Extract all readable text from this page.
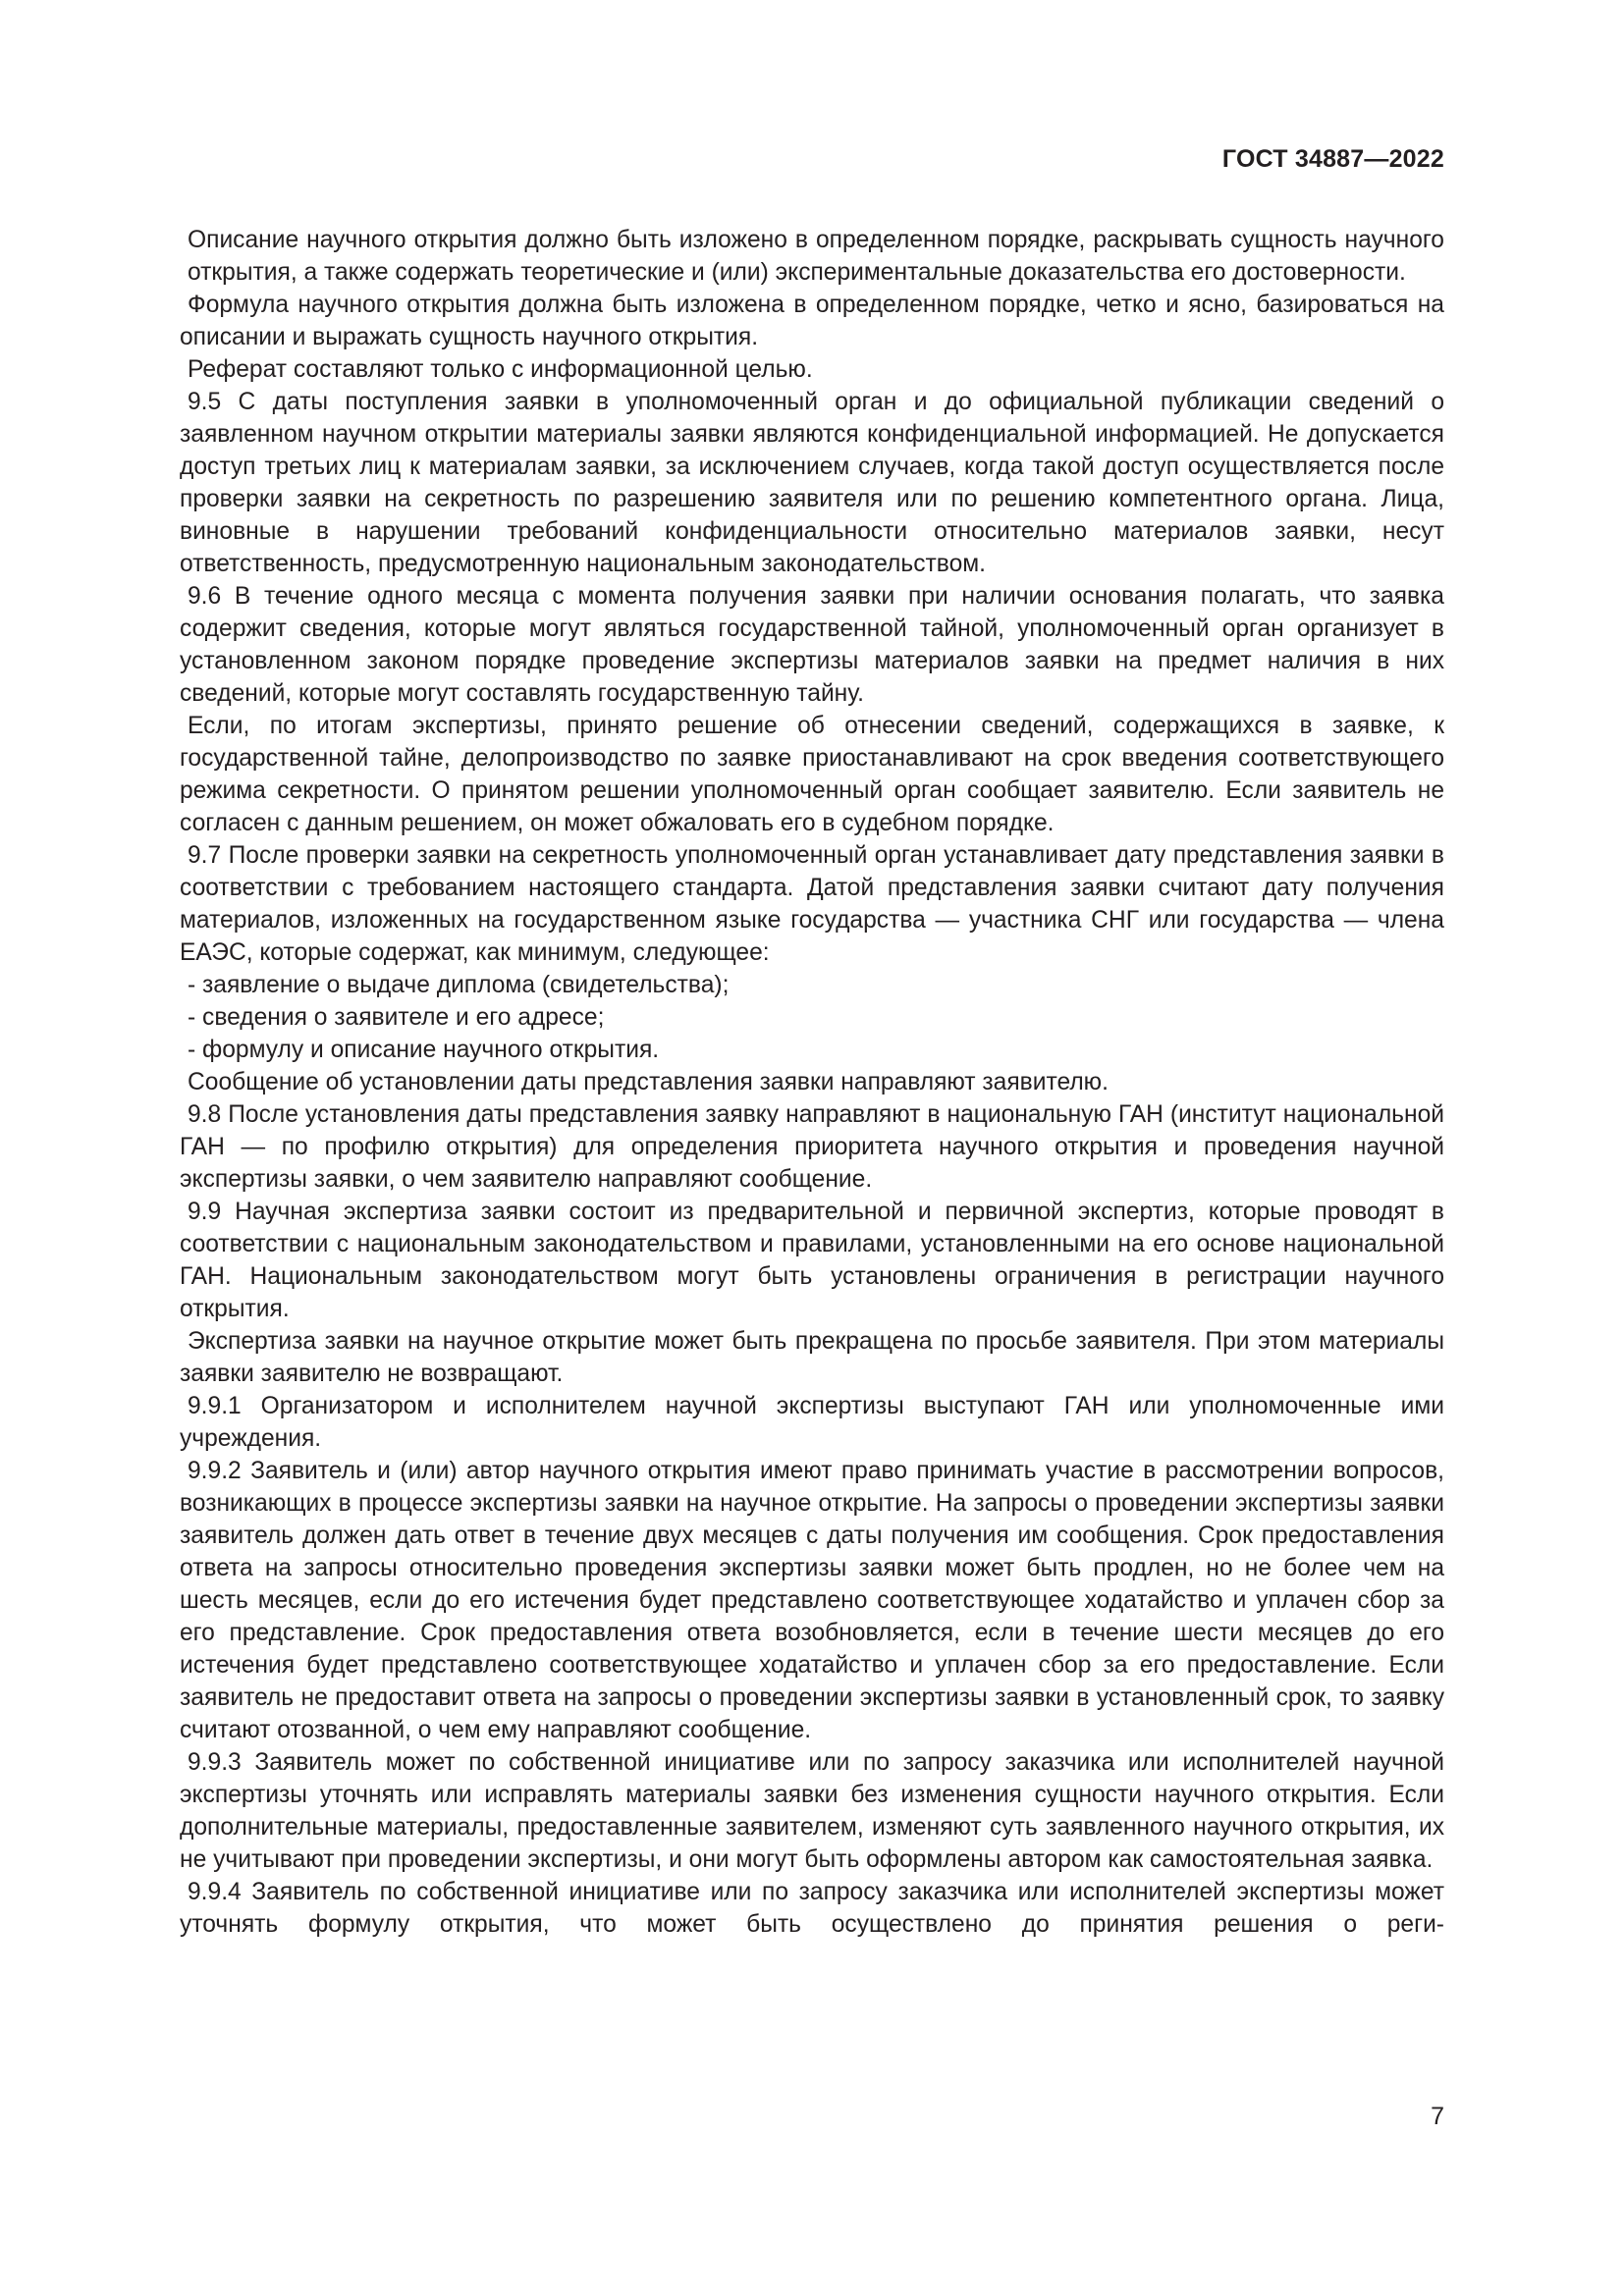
ГОСТ 34887—2022

Описание научного открытия должно быть изложено в определенном порядке, раскрывать сущность научного открытия, а также содержать теоретические и (или) экспериментальные доказательства его достоверности.

Формула научного открытия должна быть изложена в определенном порядке, четко и ясно, базироваться на описании и выражать сущность научного открытия.

Реферат составляют только с информационной целью.

9.5 С даты поступления заявки в уполномоченный орган и до официальной публикации сведений о заявленном научном открытии материалы заявки являются конфиденциальной информацией. Не допускается доступ третьих лиц к материалам заявки, за исключением случаев, когда такой доступ осуществляется после проверки заявки на секретность по разрешению заявителя или по решению компетентного органа. Лица, виновные в нарушении требований конфиденциальности относительно материалов заявки, несут ответственность, предусмотренную национальным законодательством.

9.6 В течение одного месяца с момента получения заявки при наличии основания полагать, что заявка содержит сведения, которые могут являться государственной тайной, уполномоченный орган организует в установленном законом порядке проведение экспертизы материалов заявки на предмет наличия в них сведений, которые могут составлять государственную тайну.

Если, по итогам экспертизы, принято решение об отнесении сведений, содержащихся в заявке, к государственной тайне, делопроизводство по заявке приостанавливают на срок введения соответствующего режима секретности. О принятом решении уполномоченный орган сообщает заявителю. Если заявитель не согласен с данным решением, он может обжаловать его в судебном порядке.

9.7 После проверки заявки на секретность уполномоченный орган устанавливает дату представления заявки в соответствии с требованием настоящего стандарта. Датой представления заявки считают дату получения материалов, изложенных на государственном языке государства — участника СНГ или государства — члена ЕАЭС, которые содержат, как минимум, следующее:

- заявление о выдаче диплома (свидетельства);

- сведения о заявителе и его адресе;

- формулу и описание научного открытия.

Сообщение об установлении даты представления заявки направляют заявителю.

9.8 После установления даты представления заявку направляют в национальную ГАН (институт национальной ГАН — по профилю открытия) для определения приоритета научного открытия и проведения научной экспертизы заявки, о чем заявителю направляют сообщение.

9.9 Научная экспертиза заявки состоит из предварительной и первичной экспертиз, которые проводят в соответствии с национальным законодательством и правилами, установленными на его основе национальной ГАН. Национальным законодательством могут быть установлены ограничения в регистрации научного открытия.

Экспертиза заявки на научное открытие может быть прекращена по просьбе заявителя. При этом материалы заявки заявителю не возвращают.

9.9.1 Организатором и исполнителем научной экспертизы выступают ГАН или уполномоченные ими учреждения.

9.9.2 Заявитель и (или) автор научного открытия имеют право принимать участие в рассмотрении вопросов, возникающих в процессе экспертизы заявки на научное открытие. На запросы о проведении экспертизы заявки заявитель должен дать ответ в течение двух месяцев с даты получения им сообщения. Срок предоставления ответа на запросы относительно проведения экспертизы заявки может быть продлен, но не более чем на шесть месяцев, если до его истечения будет представлено соответствующее ходатайство и уплачен сбор за его представление. Срок предоставления ответа возобновляется, если в течение шести месяцев до его истечения будет представлено соответствующее ходатайство и уплачен сбор за его предоставление. Если заявитель не предоставит ответа на запросы о проведении экспертизы заявки в установленный срок, то заявку считают отозванной, о чем ему направляют сообщение.

9.9.3 Заявитель может по собственной инициативе или по запросу заказчика или исполнителей научной экспертизы уточнять или исправлять материалы заявки без изменения сущности научного открытия. Если дополнительные материалы, предоставленные заявителем, изменяют суть заявленного научного открытия, их не учитывают при проведении экспертизы, и они могут быть оформлены автором как самостоятельная заявка.

9.9.4 Заявитель по собственной инициативе или по запросу заказчика или исполнителей экспертизы может уточнять формулу открытия, что может быть осуществлено до принятия решения о реги-

7
